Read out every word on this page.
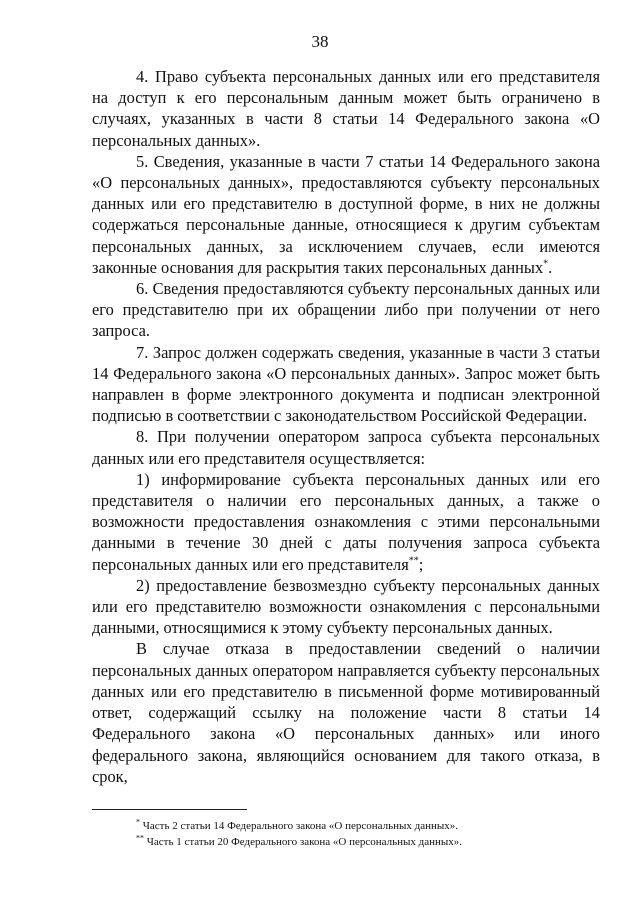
38

4. Право субъекта персональных данных или его представителя на доступ к его персональным данным может быть ограничено в случаях, указанных в части 8 статьи 14 Федерального закона «О персональных данных».

5. Сведения, указанные в части 7 статьи 14 Федерального закона «О персональных данных», предоставляются субъекту персональных данных или его представителю в доступной форме, в них не должны содержаться персональные данные, относящиеся к другим субъектам персональных данных, за исключением случаев, если имеются законные основания для раскрытия таких персональных данных*.

6. Сведения предоставляются субъекту персональных данных или его представителю при их обращении либо при получении от него запроса.

7. Запрос должен содержать сведения, указанные в части 3 статьи 14 Федерального закона «О персональных данных». Запрос может быть направлен в форме электронного документа и подписан электронной подписью в соответствии с законодательством Российской Федерации.

8. При получении оператором запроса субъекта персональных данных или его представителя осуществляется:

1) информирование субъекта персональных данных или его представителя о наличии его персональных данных, а также о возможности предоставления ознакомления с этими персональными данными в течение 30 дней с даты получения запроса субъекта персональных данных или его представителя**;

2) предоставление безвозмездно субъекту персональных данных или его представителю возможности ознакомления с персональными данными, относящимися к этому субъекту персональных данных.

В случае отказа в предоставлении сведений о наличии персональных данных оператором направляется субъекту персональных данных или его представителю в письменной форме мотивированный ответ, содержащий ссылку на положение части 8 статьи 14 Федерального закона «О персональных данных» или иного федерального закона, являющийся основанием для такого отказа, в срок,

* Часть 2 статьи 14 Федерального закона «О персональных данных».
** Часть 1 статьи 20 Федерального закона «О персональных данных».
